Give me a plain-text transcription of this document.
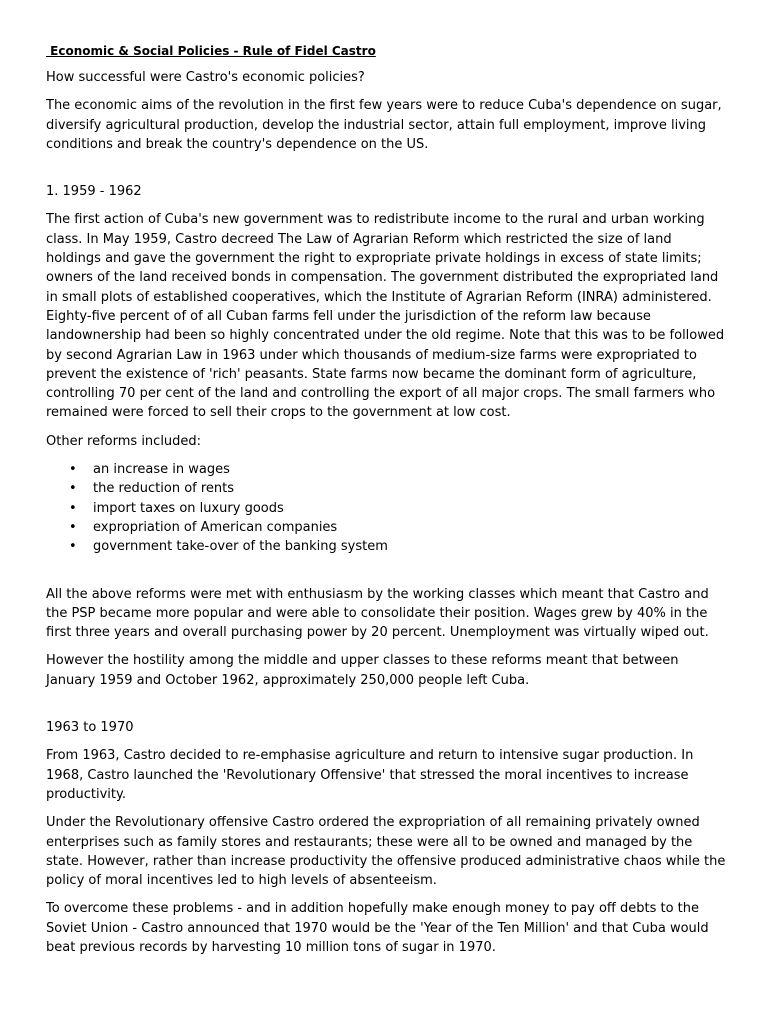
Economic & Social Policies - Rule of Fidel Castro

How successful were Castro's economic policies?

The economic aims of the revolution in the first few years were to reduce Cuba's dependence on sugar, diversify agricultural production, develop the industrial sector, attain full employment, improve living conditions and break the country's dependence on the US.

1. 1959 - 1962

The first action of Cuba's new government was to redistribute income to the rural and urban working class. In May 1959, Castro decreed The Law of Agrarian Reform which restricted the size of land holdings and gave the government the right to expropriate private holdings in excess of state limits; owners of the land received bonds in compensation. The government distributed the expropriated land in small plots of established cooperatives, which the Institute of Agrarian Reform (INRA) administered. Eighty-five percent of of all Cuban farms fell under the jurisdiction of the reform law because landownership had been so highly concentrated under the old regime. Note that this was to be followed by second Agrarian Law in 1963 under which thousands of medium-size farms were expropriated to prevent the existence of 'rich' peasants. State farms now became the dominant form of agriculture, controlling 70 per cent of the land and controlling the export of all major crops. The small farmers who remained were forced to sell their crops to the government at low cost.

Other reforms included:

• an increase in wages
• the reduction of rents
• import taxes on luxury goods
• expropriation of American companies
• government take-over of the banking system

All the above reforms were met with enthusiasm by the working classes which meant that Castro and the PSP became more popular and were able to consolidate their position. Wages grew by 40% in the first three years and overall purchasing power by 20 percent. Unemployment was virtually wiped out.

However the hostility among the middle and upper classes to these reforms meant that between January 1959 and October 1962, approximately 250,000 people left Cuba.

1963 to 1970

From 1963, Castro decided to re-emphasise agriculture and return to intensive sugar production. In 1968, Castro launched the 'Revolutionary Offensive' that stressed the moral incentives to increase productivity.

Under the Revolutionary offensive Castro ordered the expropriation of all remaining privately owned enterprises such as family stores and restaurants; these were all to be owned and managed by the state. However, rather than increase productivity the offensive produced administrative chaos while the policy of moral incentives led to high levels of absenteeism.

To overcome these problems - and in addition hopefully make enough money to pay off debts to the Soviet Union - Castro announced that 1970 would be the 'Year of the Ten Million' and that Cuba would beat previous records by harvesting 10 million tons of sugar in 1970.
